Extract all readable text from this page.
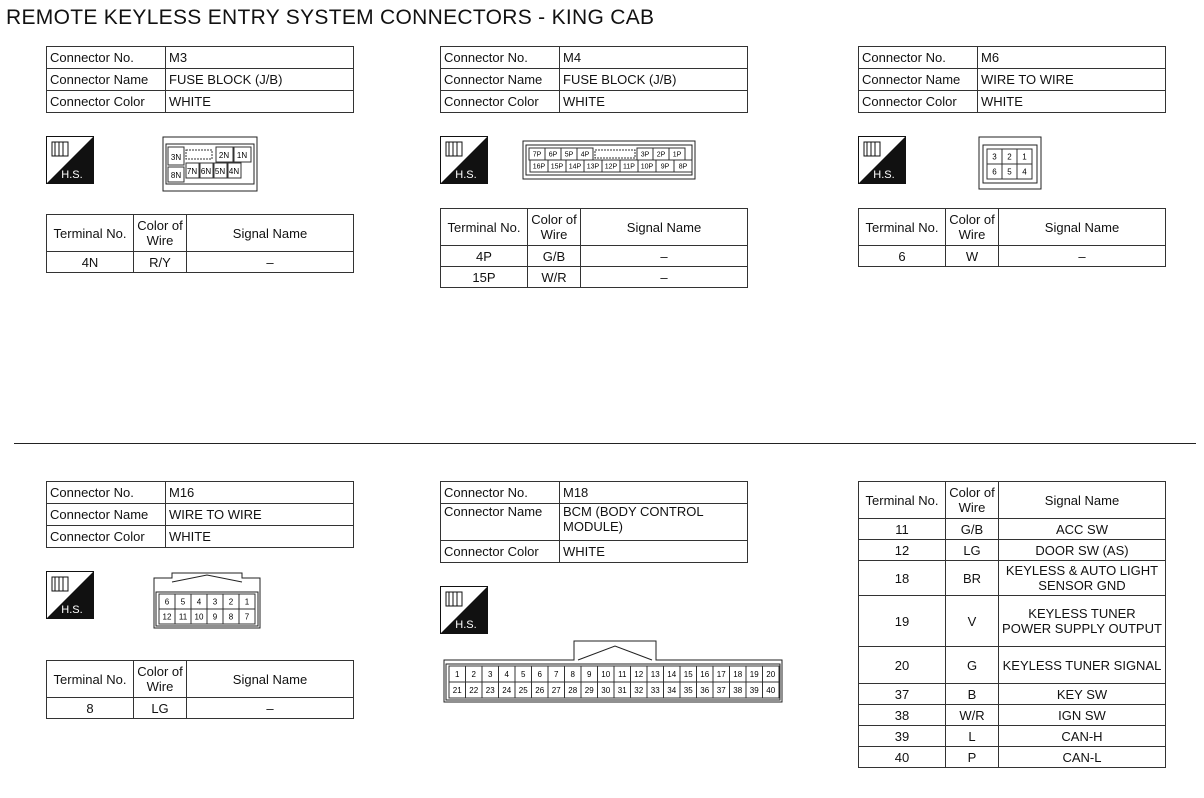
REMOTE KEYLESS ENTRY SYSTEM CONNECTORS - KING CAB
Connector No.	M3
Connector Name	FUSE BLOCK (J/B)
Connector Color	WHITE
H.S.
3N	2N 1N
8N 7N 6N 5N 4N
Terminal No.	Color of Wire	Signal Name
4N	R/Y	–
Connector No.	M4
Connector Name	FUSE BLOCK (J/B)
Connector Color	WHITE
H.S.
7P 6P 5P 4P	3P 2P 1P
16P 15P 14P 13P 12P 11P 10P 9P 8P
Terminal No.	Color of Wire	Signal Name
4P	G/B	–
15P	W/R	–
Connector No.	M6
Connector Name	WIRE TO WIRE
Connector Color	WHITE
H.S.
3 2 1
6 5 4
Terminal No.	Color of Wire	Signal Name
6	W	–
Connector No.	M16
Connector Name	WIRE TO WIRE
Connector Color	WHITE
H.S.
6 5 4 3 2 1
12 11 10 9 8 7
Terminal No.	Color of Wire	Signal Name
8	LG	–
Connector No.	M18
Connector Name	BCM (BODY CONTROL MODULE)
Connector Color	WHITE
H.S.
1 2 3 4 5 6 7 8 9 10 11 12 13 14 15 16 17 18 19 20
21 22 23 24 25 26 27 28 29 30 31 32 33 34 35 36 37 38 39 40
Terminal No.	Color of Wire	Signal Name
11	G/B	ACC SW
12	LG	DOOR SW (AS)
18	BR	KEYLESS & AUTO LIGHT SENSOR GND
19	V	KEYLESS TUNER POWER SUPPLY OUTPUT
20	G	KEYLESS TUNER SIGNAL
37	B	KEY SW
38	W/R	IGN SW
39	L	CAN-H
40	P	CAN-L
